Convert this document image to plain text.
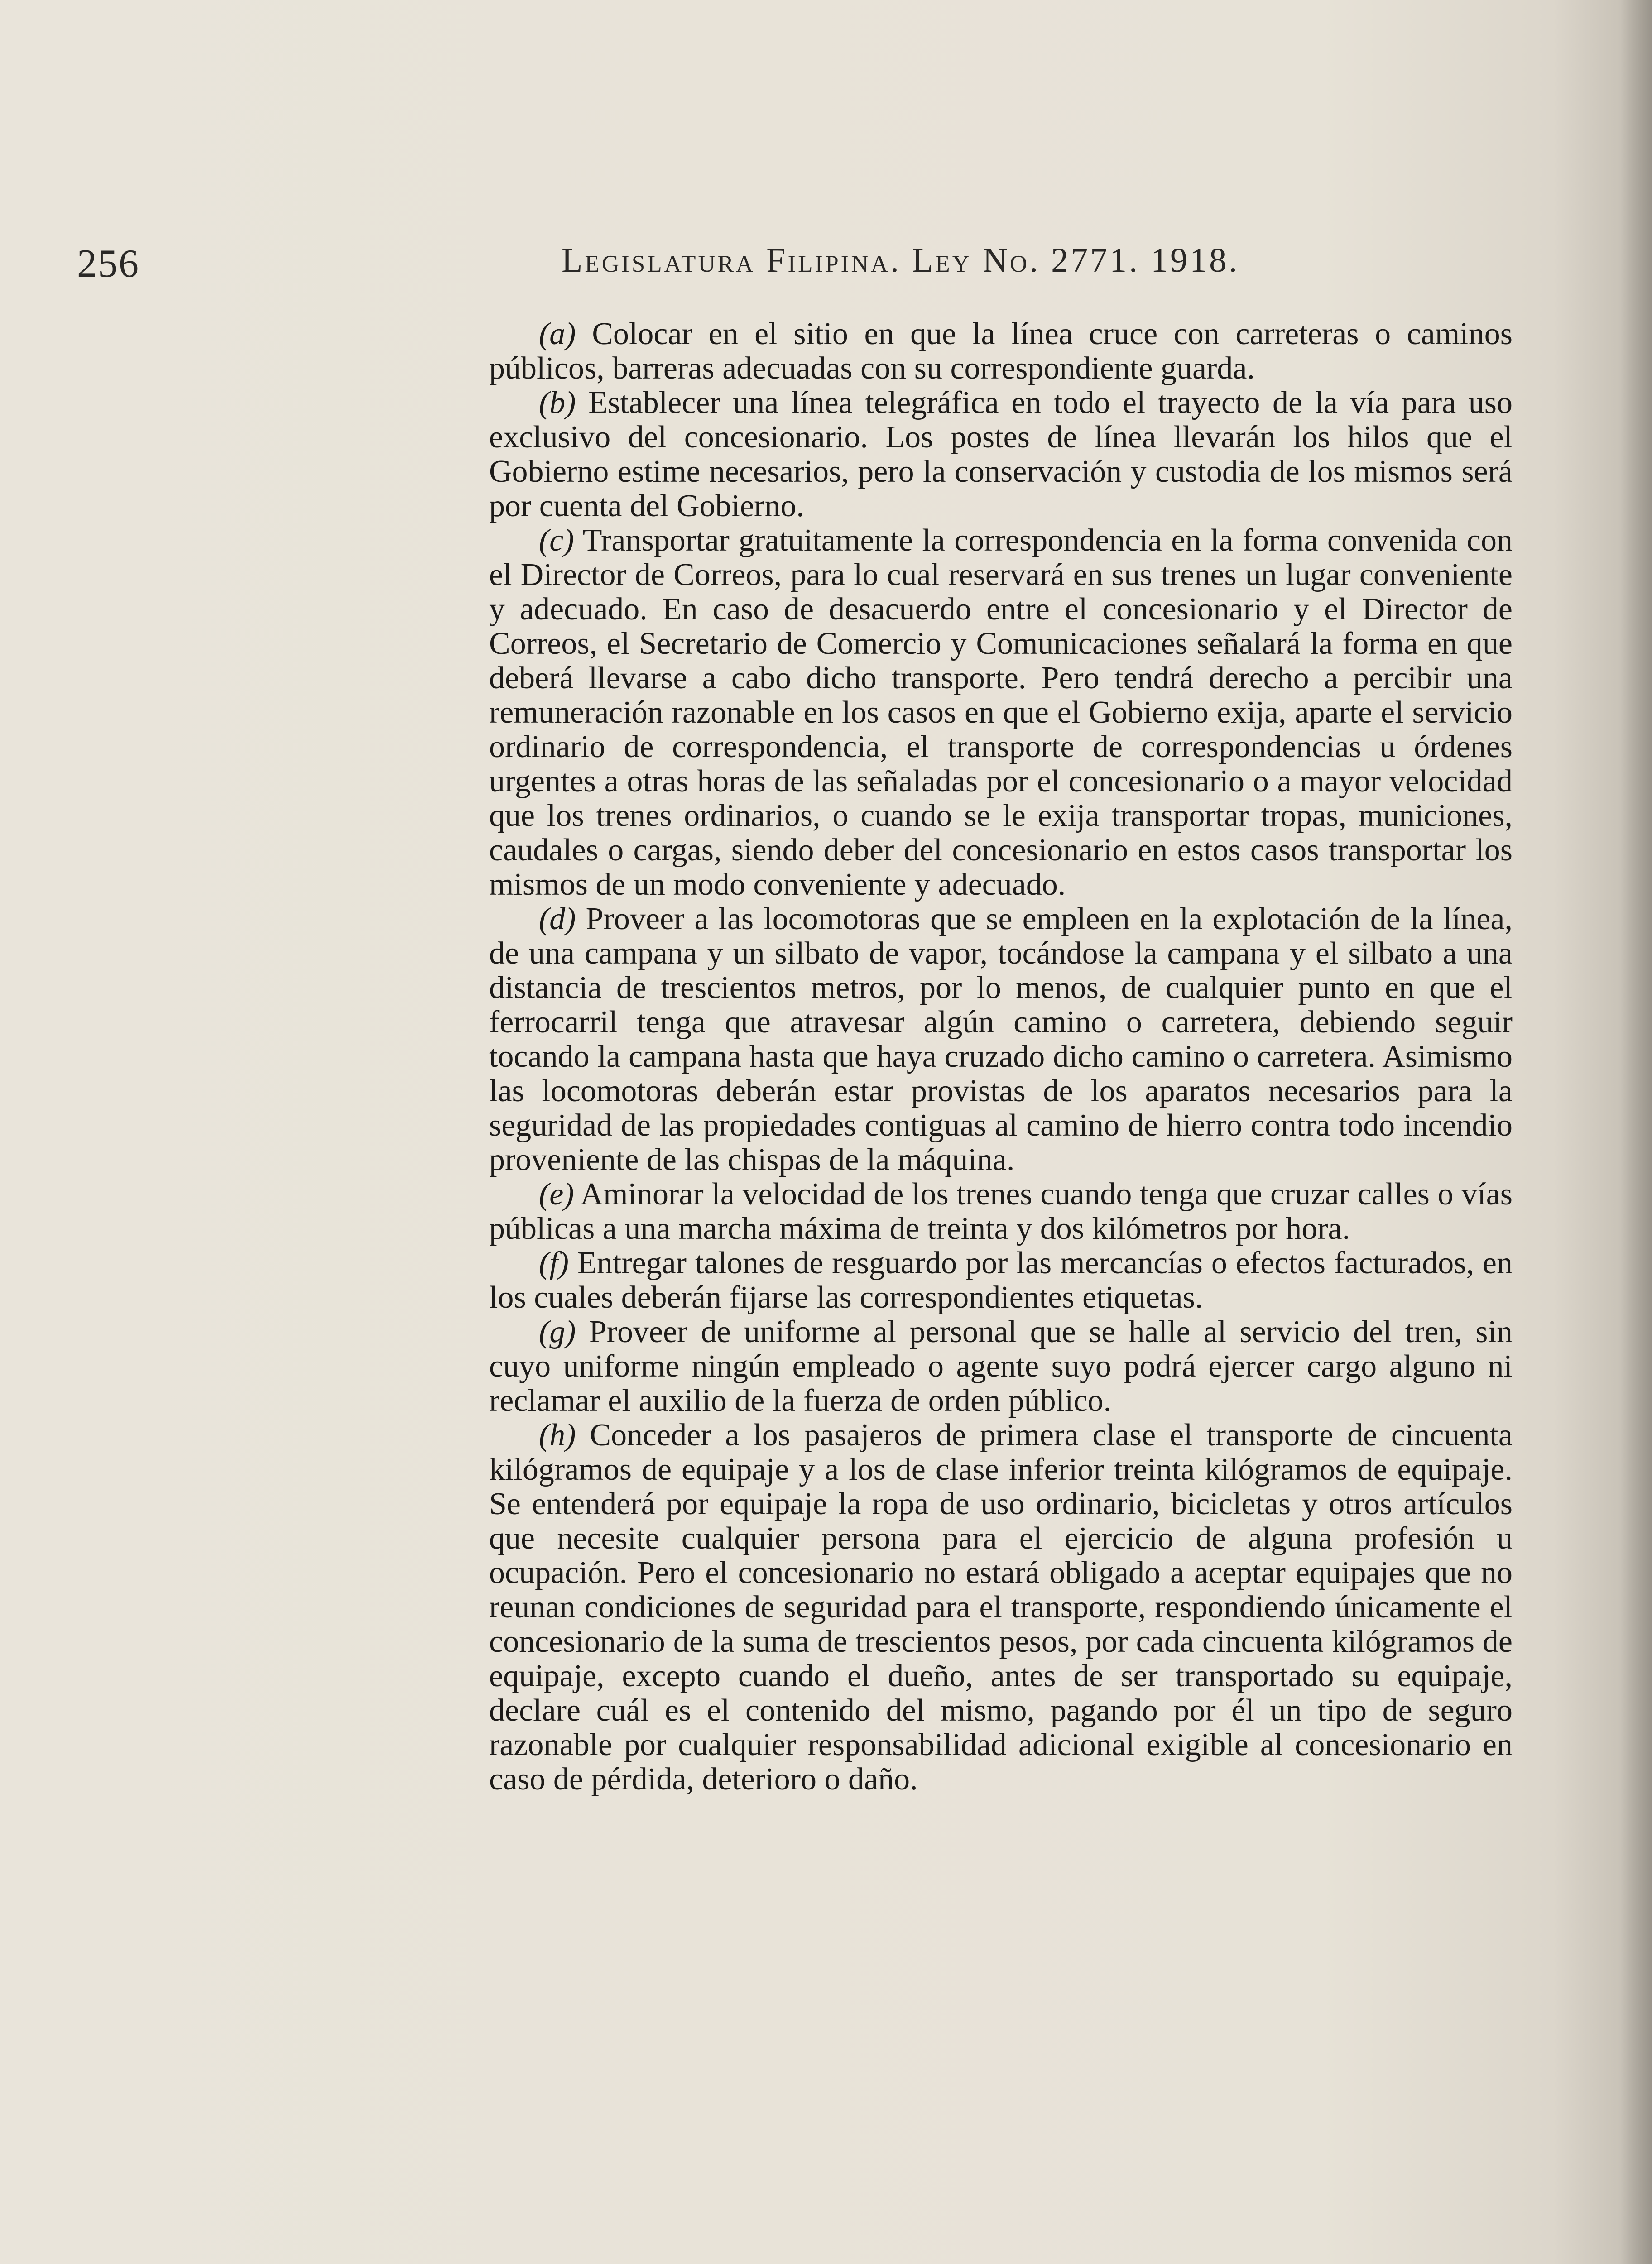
256	Legislatura Filipina. Ley No. 2771. 1918.

(a) Colocar en el sitio en que la línea cruce con carreteras o caminos públicos, barreras adecuadas con su correspondiente guarda.

(b) Establecer una línea telegráfica en todo el trayecto de la vía para uso exclusivo del concesionario. Los postes de línea llevarán los hilos que el Gobierno estime necesarios, pero la conservación y custodia de los mismos será por cuenta del Gobierno.

(c) Transportar gratuitamente la correspondencia en la forma convenida con el Director de Correos, para lo cual reservará en sus trenes un lugar conveniente y adecuado. En caso de desacuerdo entre el concesionario y el Director de Correos, el Secretario de Comercio y Comunicaciones señalará la forma en que deberá llevarse a cabo dicho transporte. Pero tendrá derecho a percibir una remuneración razonable en los casos en que el Gobierno exija, aparte el servicio ordinario de correspondencia, el transporte de correspondencias u órdenes urgentes a otras horas de las señaladas por el concesionario o a mayor velocidad que los trenes ordinarios, o cuando se le exija transportar tropas, municiones, caudales o cargas, siendo deber del concesionario en estos casos transportar los mismos de un modo conveniente y adecuado.

(d) Proveer a las locomotoras que se empleen en la explotación de la línea, de una campana y un silbato de vapor, tocándose la campana y el silbato a una distancia de trescientos metros, por lo menos, de cualquier punto en que el ferrocarril tenga que atravesar algún camino o carretera, debiendo seguir tocando la campana hasta que haya cruzado dicho camino o carretera. Asimismo las locomotoras deberán estar provistas de los aparatos necesarios para la seguridad de las propiedades contiguas al camino de hierro contra todo incendio proveniente de las chispas de la máquina.

(e) Aminorar la velocidad de los trenes cuando tenga que cruzar calles o vías públicas a una marcha máxima de treinta y dos kilómetros por hora.

(f) Entregar talones de resguardo por las mercancías o efectos facturados, en los cuales deberán fijarse las correspondientes etiquetas.

(g) Proveer de uniforme al personal que se halle al servicio del tren, sin cuyo uniforme ningún empleado o agente suyo podrá ejercer cargo alguno ni reclamar el auxilio de la fuerza de orden público.

(h) Conceder a los pasajeros de primera clase el transporte de cincuenta kilógramos de equipaje y a los de clase inferior treinta kilógramos de equipaje. Se entenderá por equipaje la ropa de uso ordinario, bicicletas y otros artículos que necesite cualquier persona para el ejercicio de alguna profesión u ocupación. Pero el concesionario no estará obligado a aceptar equipajes que no reunan condiciones de seguridad para el transporte, respondiendo únicamente el concesionario de la suma de trescientos pesos, por cada cincuenta kilógramos de equipaje, excepto cuando el dueño, antes de ser transportado su equipaje, declare cuál es el contenido del mismo, pagando por él un tipo de seguro razonable por cualquier responsabilidad adicional exigible al concesionario en caso de pérdida, deterioro o daño.
